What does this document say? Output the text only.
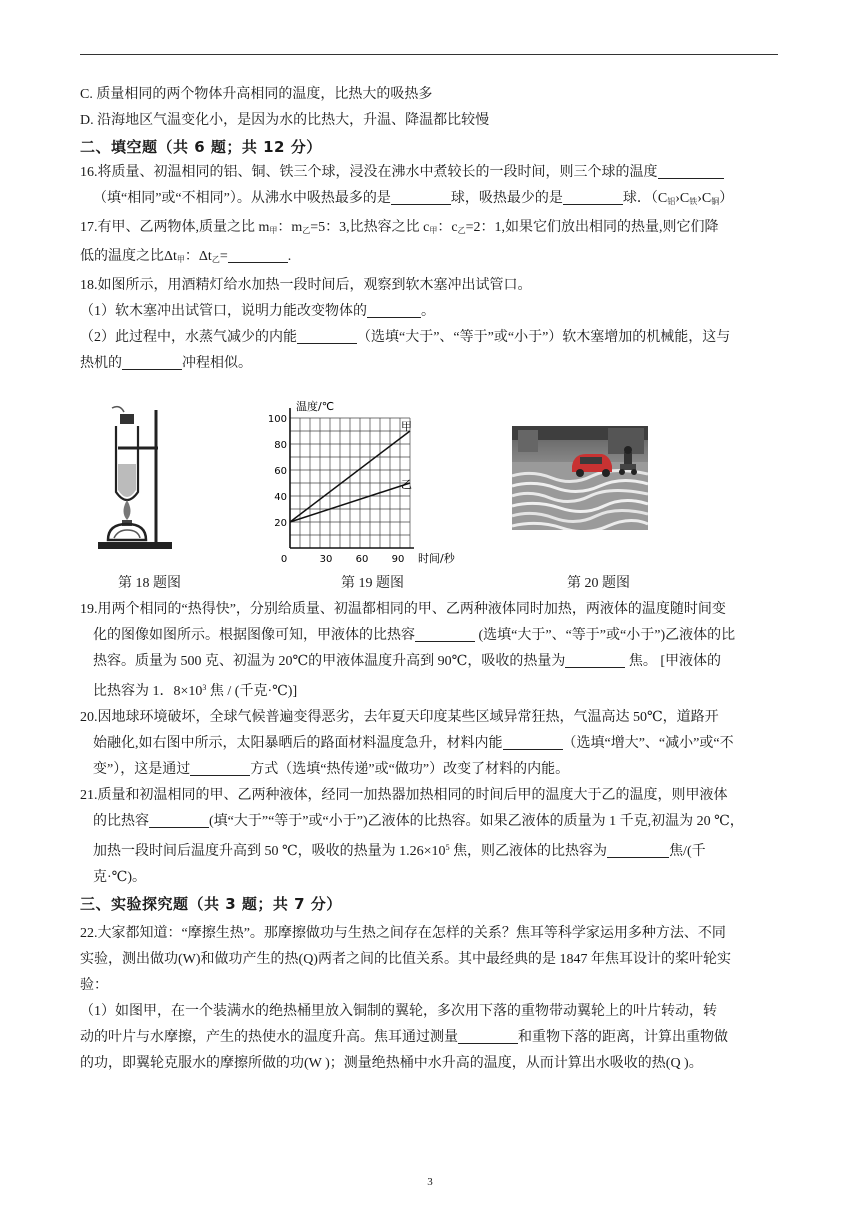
C. 质量相同的两个物体升高相同的温度，比热大的吸热多

D. 沿海地区气温变化小，是因为水的比热大，升温、降温都比较慢

二、填空题（共 6 题；共 12 分）

16.将质量、初温相同的铝、铜、铁三个球，浸没在沸水中煮较长的一段时间，则三个球的温度

（填“相同”或“不相同”）。从沸水中吸热最多的是	球，吸热最少的是	球．$(C_铝›C_铁›C_铜)$

17.有甲、乙两物体,质量之比 $m_甲$：$m_乙=5$：3,比热容之比 $c_甲$：$c_乙=2$：1,如果它们放出相同的热量,则它们降

低的温度之比$\Delta t_甲$：$\Delta t_乙=$	.

18.如图所示，用酒精灯给水加热一段时间后，观察到软木塞冲出试管口。

（1）软木塞冲出试管口，说明力能改变物体的	。

（2）此过程中，水蒸气减少的内能	（选填“大于”、“等于”或“小于”）软木塞增加的机械能，这与

热机的	冲程相似。

100
80
60
40
20
0	30 60 90
温度/℃
时间/秒
甲
乙
第 18 题图	第 19 题图	第 20 题图

19.用两个相同的“热得快”，分别给质量、初温都相同的甲、乙两种液体同时加热，两液体的温度随时间变

化的图像如图所示。根据图像可知，甲液体的比热容	(选填“大于”、“等于”或“小于”)乙液体的比

热容。质量为 500 克、初温为 20℃的甲液体温度升高到 90℃，吸收的热量为	焦。 [甲液体的

比热容为 1．$8\times 10^3$ 焦 / (千克·℃)]

20.因地球环境破坏，全球气候普遍变得恶劣，去年夏天印度某些区域异常狂热，气温高达 50℃，道路开

始融化,如右图中所示，太阳暴晒后的路面材料温度急升，材料内能	（选填“增大”、“减小”或“不

变”），这是通过	方式（选填“热传递”或“做功”）改变了材料的内能。

21.质量和初温相同的甲、乙两种液体，经同一加热器加热相同的时间后甲的温度大于乙的温度，则甲液体

的比热容	(填“大于”“等于”或“小于”)乙液体的比热容。如果乙液体的质量为 1 千克,初温为 20 ℃，

加热一段时间后温度升高到 50 ℃，吸收的热量为 $1.26\times 10^5$ 焦，则乙液体的比热容为	焦/(千

克·℃)。

三、实验探究题（共 3 题；共 7 分）

22.大家都知道：“摩擦生热”。那摩擦做功与生热之间存在怎样的关系？焦耳等科学家运用多种方法、不同

实验，测出做功(W)和做功产生的热(Q)两者之间的比值关系。其中最经典的是 1847 年焦耳设计的桨叶轮实

验：

（1）如图甲，在一个装满水的绝热桶里放入铜制的翼轮，多次用下落的重物带动翼轮上的叶片转动，转

动的叶片与水摩擦，产生的热使水的温度升高。焦耳通过测量	和重物下落的距离，计算出重物做

的功，即翼轮克服水的摩擦所做的功(W )；测量绝热桶中水升高的温度，从而计算出水吸收的热(Q )。

3
